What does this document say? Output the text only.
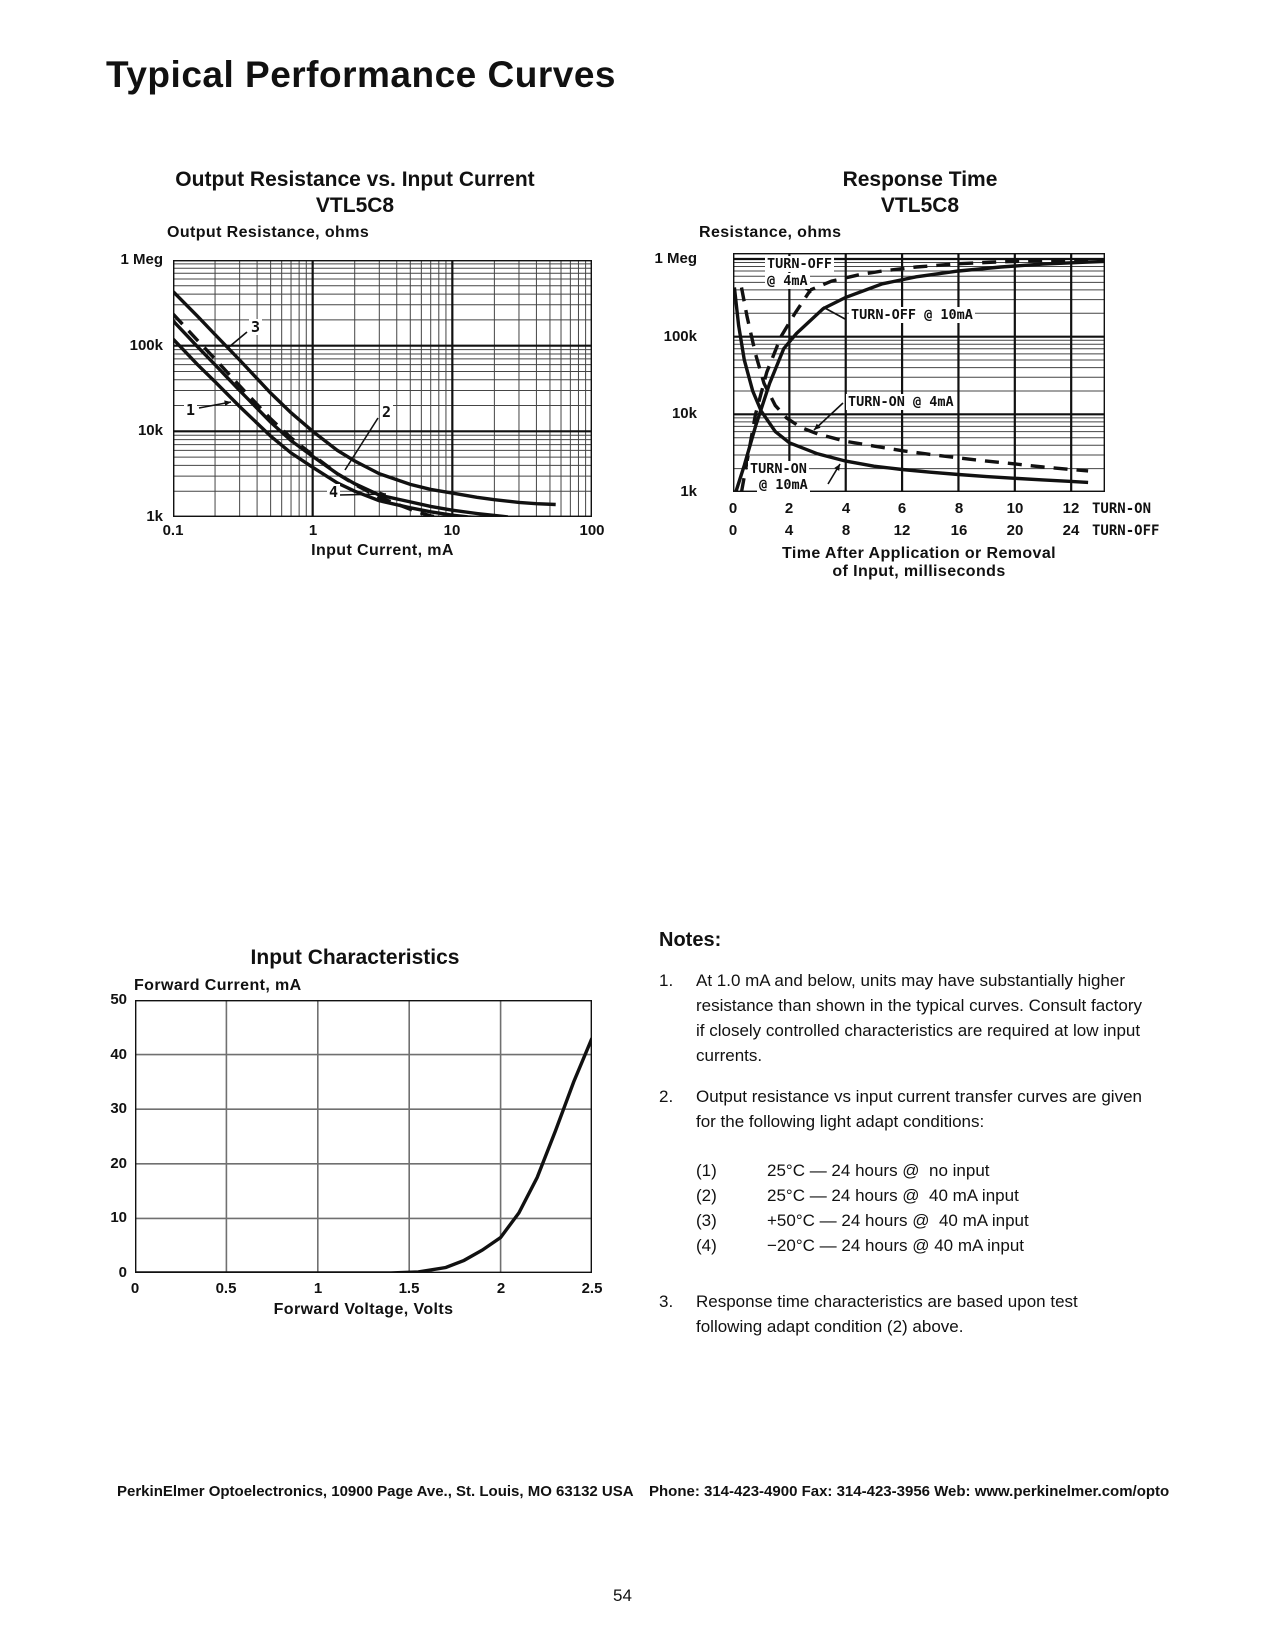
Typical Performance Curves
Output Resistance vs. Input Current
VTL5C8
Output Resistance, ohms
1 Meg
100k
10k
1k
3
1	2
4
0.1	1	10	100
Input Current, mA
Response Time
VTL5C8
Resistance, ohms
1 Meg
100k
10k
1k
TURN-OFF
@ 4mA
TURN-OFF @ 10mA
TURN-ON @ 4mA
TURN-ON
@ 10mA
0	2	4	6	8	10	12 TURN-ON
0	4	8	12	16	20	24 TURN-OFF
Time After Application or Removal
of Input, milliseconds
Input Characteristics
Forward Current, mA
50
40
30
20
10
0
0	0.5	1	1.5	2	2.5
Forward Voltage, Volts
Notes:
1.	At 1.0 mA and below, units may have substantially higher resistance than shown in the typical curves. Consult factory if closely controlled characteristics are required at low input currents.
2.	Output resistance vs input current transfer curves are given for the following light adapt conditions:
(1)	25°C — 24 hours @  no input
(2)	25°C — 24 hours @  40 mA input
(3)	+50°C — 24 hours @  40 mA input
(4)	−20°C — 24 hours @ 40 mA input
3.	Response time characteristics are based upon test following adapt condition (2) above.
PerkinElmer Optoelectronics, 10900 Page Ave., St. Louis, MO 63132 USA Phone: 314-423-4900 Fax: 314-423-3956 Web: www.perkinelmer.com/opto
54
